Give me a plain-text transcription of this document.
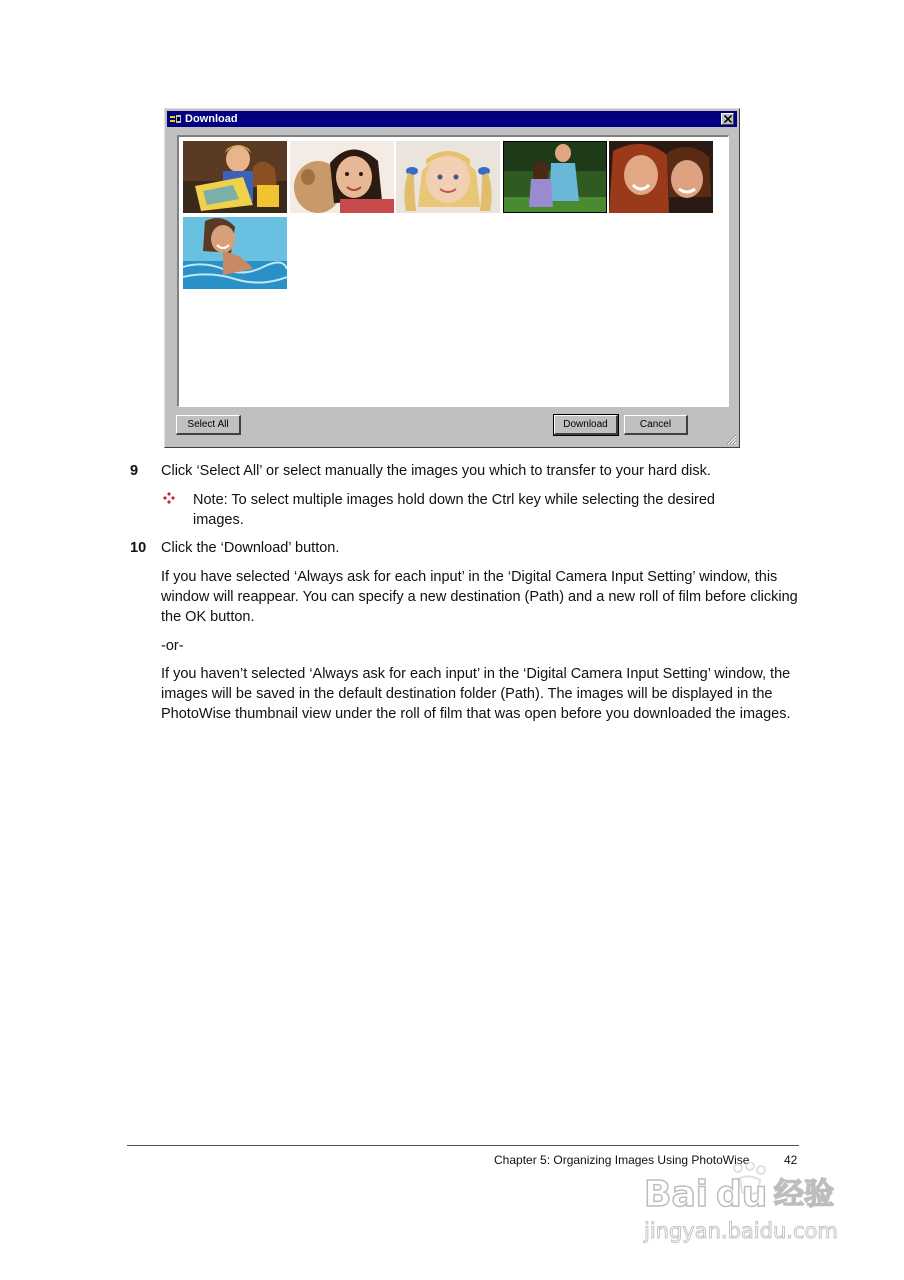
Download
Select All	Download	Cancel
9 Click ‘Select All’ or select manually the images you which to transfer to your hard disk.
Note: To select multiple images hold down the Ctrl key while selecting the desired images.
10 Click the ‘Download’ button.
If you have selected ‘Always ask for each input’ in the ‘Digital Camera Input Setting’ window, this window will reappear. You can specify a new destination (Path) and a new roll of film before clicking the OK button.
-or-
If you haven’t selected ‘Always ask for each input’ in the ‘Digital Camera Input Setting’ window, the images will be saved in the default destination folder (Path). The images will be displayed in the PhotoWise thumbnail view under the roll of film that was open before you downloaded the images.
Chapter 5: Organizing Images Using PhotoWise	42
Bai du 经验
jingyan.baidu.com
